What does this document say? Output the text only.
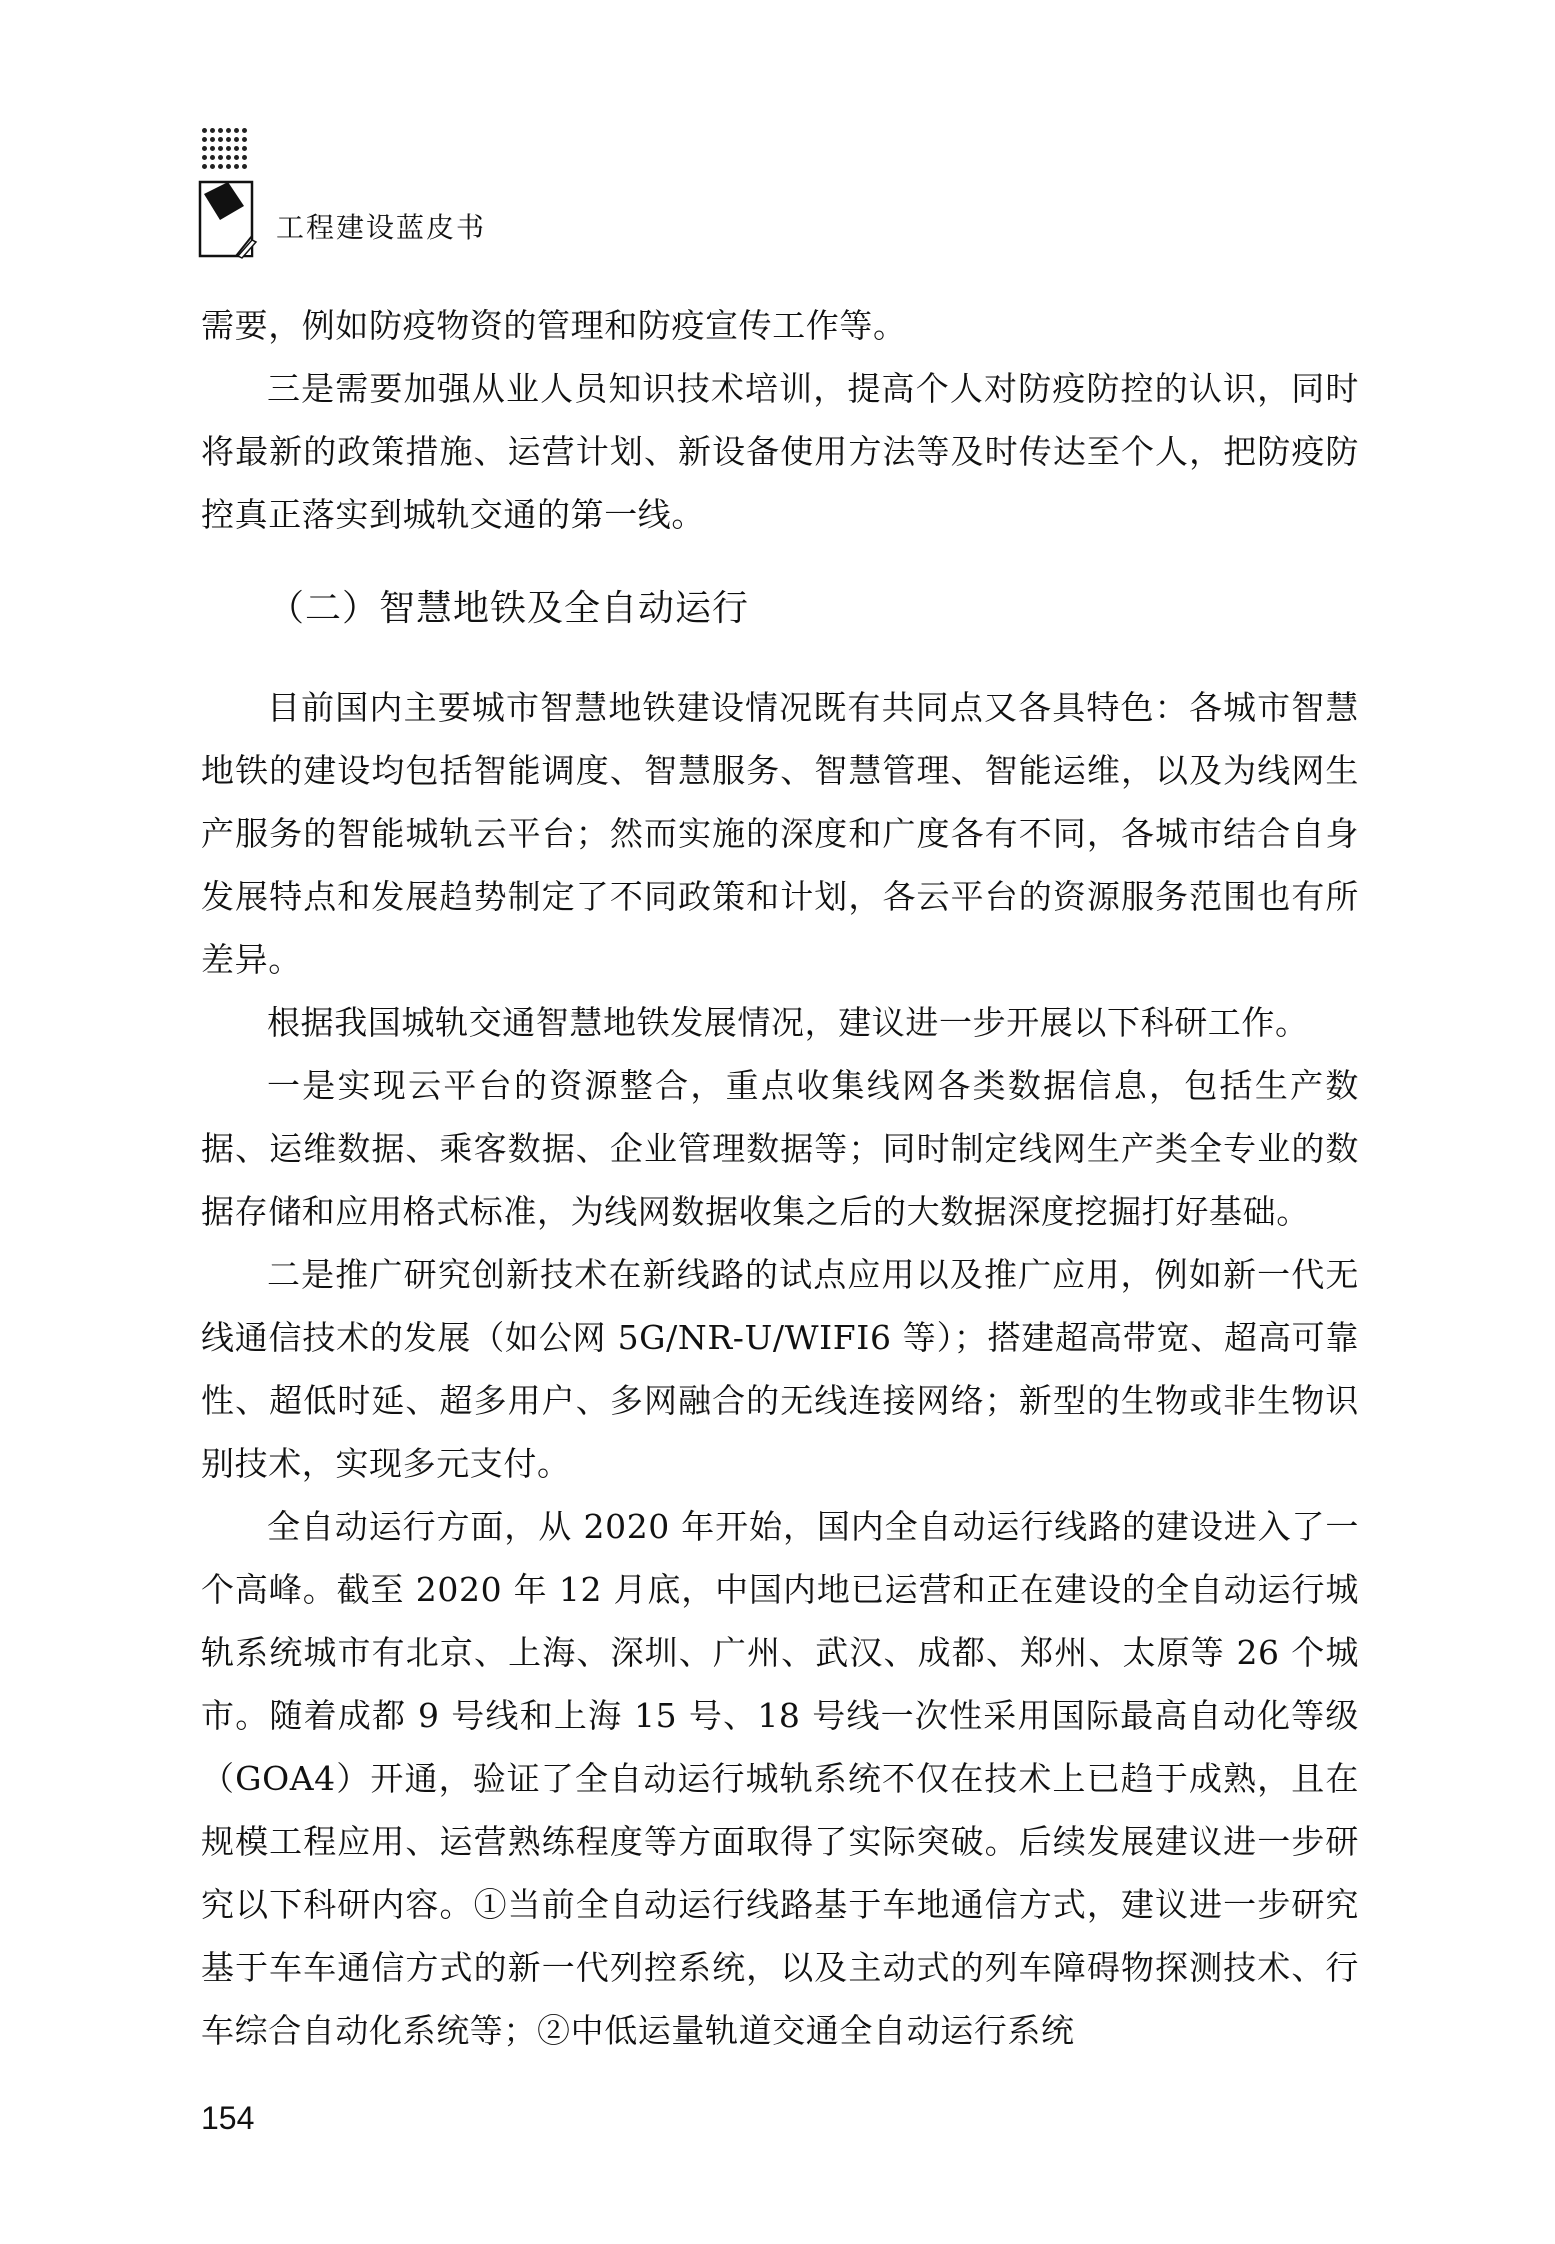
工程建设蓝皮书

需要，例如防疫物资的管理和防疫宣传工作等。

三是需要加强从业人员知识技术培训，提高个人对防疫防控的认识，同时将最新的政策措施、运营计划、新设备使用方法等及时传达至个人，把防疫防控真正落实到城轨交通的第一线。

（二）智慧地铁及全自动运行

目前国内主要城市智慧地铁建设情况既有共同点又各具特色：各城市智慧地铁的建设均包括智能调度、智慧服务、智慧管理、智能运维，以及为线网生产服务的智能城轨云平台；然而实施的深度和广度各有不同，各城市结合自身发展特点和发展趋势制定了不同政策和计划，各云平台的资源服务范围也有所差异。

根据我国城轨交通智慧地铁发展情况，建议进一步开展以下科研工作。

一是实现云平台的资源整合，重点收集线网各类数据信息，包括生产数据、运维数据、乘客数据、企业管理数据等；同时制定线网生产类全专业的数据存储和应用格式标准，为线网数据收集之后的大数据深度挖掘打好基础。

二是推广研究创新技术在新线路的试点应用以及推广应用，例如新一代无线通信技术的发展（如公网 5G/NR-U/WIFI6 等）；搭建超高带宽、超高可靠性、超低时延、超多用户、多网融合的无线连接网络；新型的生物或非生物识别技术，实现多元支付。

全自动运行方面，从 2020 年开始，国内全自动运行线路的建设进入了一个高峰。截至 2020 年 12 月底，中国内地已运营和正在建设的全自动运行城轨系统城市有北京、上海、深圳、广州、武汉、成都、郑州、太原等 26 个城市。随着成都 9 号线和上海 15 号、18 号线一次性采用国际最高自动化等级（GOA4）开通，验证了全自动运行城轨系统不仅在技术上已趋于成熟，且在规模工程应用、运营熟练程度等方面取得了实际突破。后续发展建议进一步研究以下科研内容。①当前全自动运行线路基于车地通信方式，建议进一步研究基于车车通信方式的新一代列控系统，以及主动式的列车障碍物探测技术、行车综合自动化系统等；②中低运量轨道交通全自动运行系统

154
